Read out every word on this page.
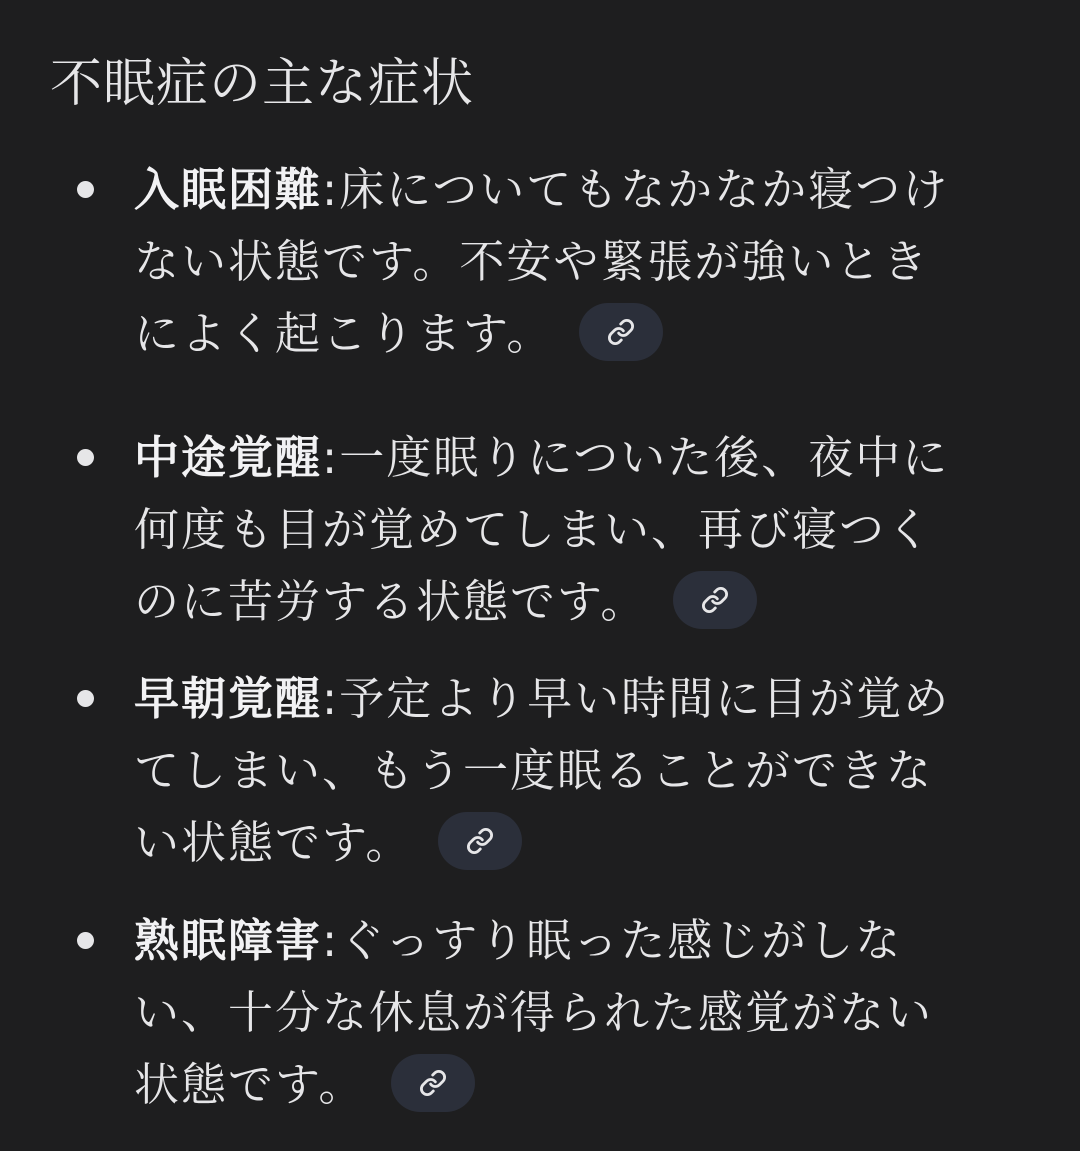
不眠症の主な症状

入眠困難:床についてもなかなか寝つけ
ない状態です。不安や緊張が強いとき
によく起こります。

中途覚醒:一度眠りについた後、夜中に
何度も目が覚めてしまい、再び寝つく
のに苦労する状態です。

早朝覚醒:予定より早い時間に目が覚め
てしまい、もう一度眠ることができな
い状態です。

熟眠障害:ぐっすり眠った感じがしな
い、十分な休息が得られた感覚がない
状態です。
